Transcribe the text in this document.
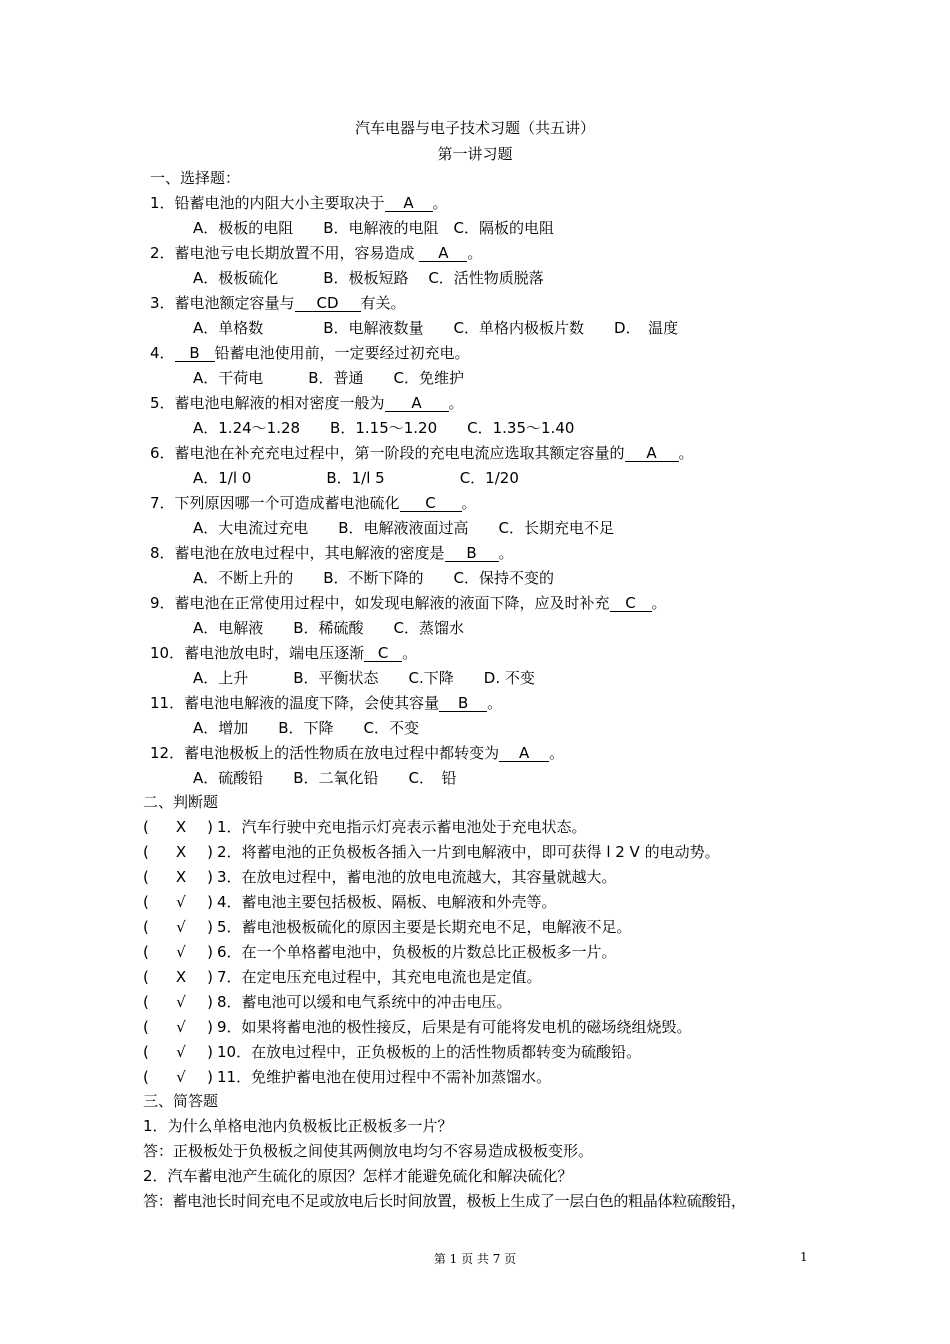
汽车电器与电子技术习题（共五讲）
第一讲习题
一、选择题：
1．铅蓄电池的内阻大小主要取决于 A 。
A．极板的电阻　　B．电解液的电阻　C．隔板的电阻
2．蓄电池亏电长期放置不用，容易造成 A 。
A．极板硫化　　　B．极板短路　 C．活性物质脱落
3．蓄电池额定容量与 CD 有关。
A．单格数　　　　B．电解液数量　　C．单格内极板片数　　D．　温度
4． B 铅蓄电池使用前，一定要经过初充电。
A．干荷电　　　B．普通　　C．免维护
5．蓄电池电解液的相对密度一般为 A 。
A．1.24～1.28　　B．1.15～1.20　　C．1.35～1.40
6．蓄电池在补充充电过程中，第一阶段的充电电流应选取其额定容量的 A 。
A．1/l 0　　　　　B．1/l 5　　　　　C．1/20
7．下列原因哪一个可造成蓄电池硫化 C 。
A．大电流过充电　　B．电解液液面过高　　C．长期充电不足
8．蓄电池在放电过程中，其电解液的密度是 B 。
A．不断上升的　　B．不断下降的　　C．保持不变的
9．蓄电池在正常使用过程中，如发现电解液的液面下降，应及时补充 C 。
A．电解液　　B．稀硫酸　　C．蒸馏水
10．蓄电池放电时，端电压逐渐 C 。
A．上升　　　B．平衡状态　　C.下降　　D. 不变
11．蓄电池电解液的温度下降，会使其容量 B 。
A．增加　　B．下降　　C．不变
12．蓄电池极板上的活性物质在放电过程中都转变为 A 。
A．硫酸铅　　B．二氧化铅　　C．　铅
二、判断题
( X ) 1．汽车行驶中充电指示灯亮表示蓄电池处于充电状态。
( X ) 2．将蓄电池的正负极板各插入一片到电解液中，即可获得 l 2 V 的电动势。
( X ) 3．在放电过程中，蓄电池的放电电流越大，其容量就越大。
( √ ) 4．蓄电池主要包括极板、隔板、电解液和外壳等。
( √ ) 5．蓄电池极板硫化的原因主要是长期充电不足，电解液不足。
( √ ) 6．在一个单格蓄电池中，负极板的片数总比正极板多一片。
( X ) 7．在定电压充电过程中，其充电电流也是定值。
( √ ) 8．蓄电池可以缓和电气系统中的冲击电压。
( √ ) 9．如果将蓄电池的极性接反，后果是有可能将发电机的磁场绕组烧毁。
( √ ) 10．在放电过程中，正负极板的上的活性物质都转变为硫酸铅。
( √ ) 11．免维护蓄电池在使用过程中不需补加蒸馏水。
三、简答题
1．为什么单格电池内负极板比正极板多一片？
答：正极板处于负极板之间使其两侧放电均匀不容易造成极板变形。
2．汽车蓄电池产生硫化的原因？怎样才能避免硫化和解决硫化？
答：蓄电池长时间充电不足或放电后长时间放置，极板上生成了一层白色的粗晶体粒硫酸铅，
第 1 页 共 7 页	1
